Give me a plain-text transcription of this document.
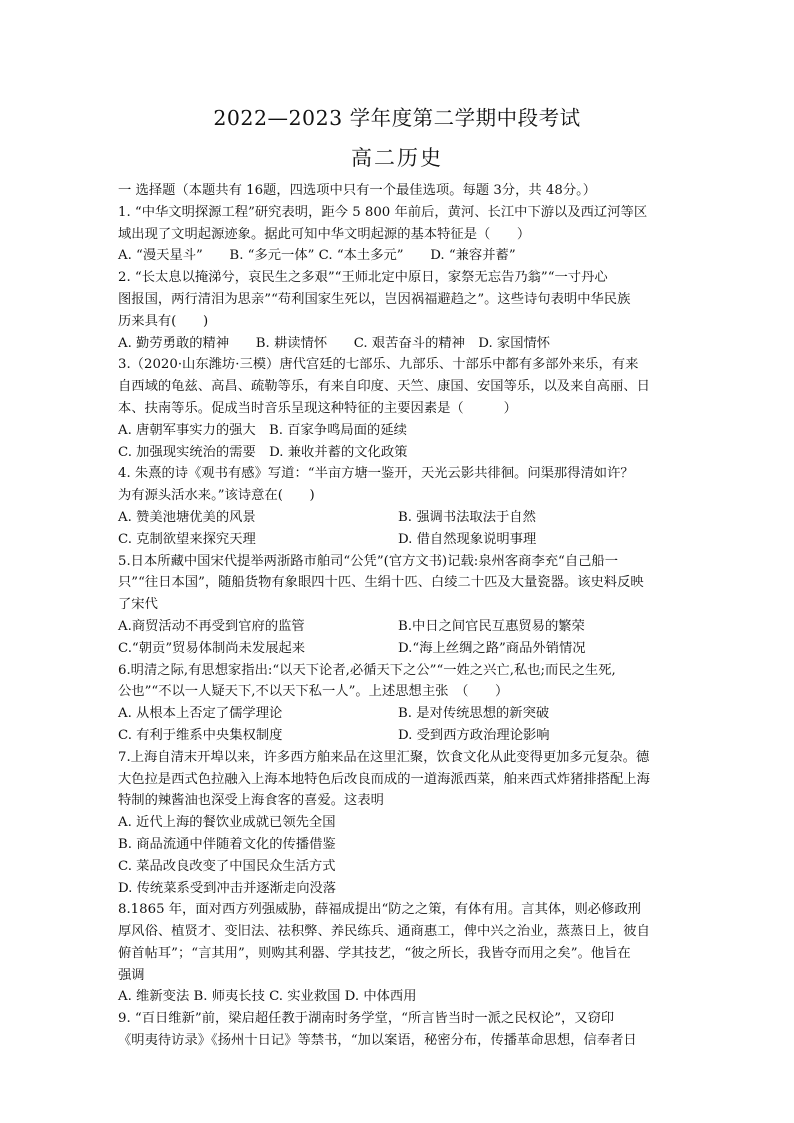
2022—2023 学年度第二学期中段考试
高二历史
一 选择题（本题共有 16题，四选项中只有一个最佳选项。每题 3分，共 48分。）
1. “中华文明探源工程”研究表明，距今 5 800 年前后，黄河、长江中下游以及西辽河等区
域出现了文明起源迹象。据此可知中华文明起源的基本特征是（　　）
A. “漫天星斗”　　B. “多元一体” C. “本土多元”　　D. “兼容并蓄”
2. “长太息以掩涕兮，哀民生之多艰”“王师北定中原日，家祭无忘告乃翁”“一寸丹心
图报国，两行清泪为思亲”“苟利国家生死以，岂因祸福避趋之”。这些诗句表明中华民族
历来具有(　　)
A. 勤劳勇敢的精神　　B. 耕读情怀　　C. 艰苦奋斗的精神　D. 家国情怀
3.（2020·山东潍坊·三模）唐代宫廷的七部乐、九部乐、十部乐中都有多部外来乐，有来
自西域的龟兹、高昌、疏勒等乐，有来自印度、天竺、康国、安国等乐，以及来自高丽、日
本、扶南等乐。促成当时音乐呈现这种特征的主要因素是（　　　）
A. 唐朝军事实力的强大　B. 百家争鸣局面的延续
C. 加强现实统治的需要　D. 兼收并蓄的文化政策
4. 朱熹的诗《观书有感》写道：“半亩方塘一鉴开，天光云影共徘徊。问渠那得清如许？
为有源头活水来。”该诗意在(　　)
A. 赞美池塘优美的风景	B. 强调书法取法于自然
C. 克制欲望来探究天理	D. 借自然现象说明事理
5.日本所藏中国宋代提举两浙路市舶司“公凭”(官方文书)记载:泉州客商李充“自己船一
只”“往日本国”，随船货物有象眼四十匹、生绢十匹、白绫二十匹及大量瓷器。该史料反映
了宋代
A.商贸活动不再受到官府的监管	B.中日之间官民互惠贸易的繁荣
C.“朝贡”贸易体制尚未发展起来	D.“海上丝绸之路”商品外销情况
6.明清之际,有思想家指出:“以天下论者,必循天下之公”“一姓之兴亡,私也;而民之生死,
公也”“不以一人疑天下,不以天下私一人”。上述思想主张　（　　）
A. 从根本上否定了儒学理论	B. 是对传统思想的新突破
C. 有利于维系中央集权制度	D. 受到西方政治理论影响
7.上海自清末开埠以来，许多西方舶来品在这里汇聚，饮食文化从此变得更加多元复杂。德
大色拉是西式色拉融入上海本地特色后改良而成的一道海派西菜，舶来西式炸猪排搭配上海
特制的辣酱油也深受上海食客的喜爱。这表明
A. 近代上海的餐饮业成就已领先全国
B. 商品流通中伴随着文化的传播借鉴
C. 菜品改良改变了中国民众生活方式
D. 传统菜系受到冲击并逐渐走向没落
8.1865 年，面对西方列强威胁，薛福成提出“防之之策，有体有用。言其体，则必修政刑
厚风俗、植贤才、变旧法、祛积弊、养民练兵、通商惠工，俾中兴之治业，蒸蒸日上，彼自
俯首帖耳”；“言其用”，则购其利器、学其技艺，“彼之所长，我皆夺而用之矣”。他旨在
强调
A. 维新变法 B. 师夷长技 C. 实业救国 D. 中体西用
9. “百日维新”前，梁启超任教于湖南时务学堂，“所言皆当时一派之民权论”，又窃印
《明夷待访录》《扬州十日记》等禁书，“加以案语，秘密分布，传播革命思想，信奉者日
